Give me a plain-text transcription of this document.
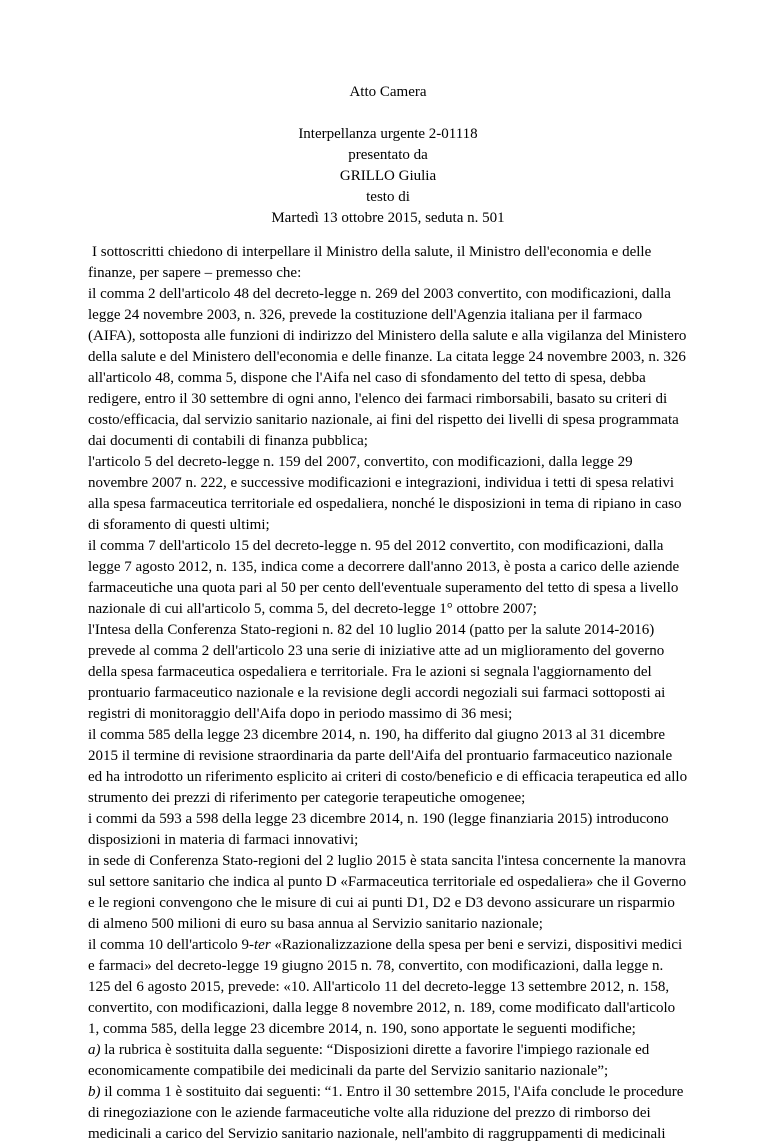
Atto Camera
Interpellanza urgente 2-01118
presentato da
GRILLO Giulia
testo di
Martedì 13 ottobre 2015, seduta n. 501
I sottoscritti chiedono di interpellare il Ministro della salute, il Ministro dell'economia e delle finanze, per sapere – premesso che:
il comma 2 dell'articolo 48 del decreto-legge n. 269 del 2003 convertito, con modificazioni, dalla legge 24 novembre 2003, n. 326, prevede la costituzione dell'Agenzia italiana per il farmaco (AIFA), sottoposta alle funzioni di indirizzo del Ministero della salute e alla vigilanza del Ministero della salute e del Ministero dell'economia e delle finanze. La citata legge 24 novembre 2003, n. 326 all'articolo 48, comma 5, dispone che l'Aifa nel caso di sfondamento del tetto di spesa, debba redigere, entro il 30 settembre di ogni anno, l'elenco dei farmaci rimborsabili, basato su criteri di costo/efficacia, dal servizio sanitario nazionale, ai fini del rispetto dei livelli di spesa programmata dai documenti di contabili di finanza pubblica;
l'articolo 5 del decreto-legge n. 159 del 2007, convertito, con modificazioni, dalla legge 29 novembre 2007 n. 222, e successive modificazioni e integrazioni, individua i tetti di spesa relativi alla spesa farmaceutica territoriale ed ospedaliera, nonché le disposizioni in tema di ripiano in caso di sforamento di questi ultimi;
il comma 7 dell'articolo 15 del decreto-legge n. 95 del 2012 convertito, con modificazioni, dalla legge 7 agosto 2012, n. 135, indica come a decorrere dall'anno 2013, è posta a carico delle aziende farmaceutiche una quota pari al 50 per cento dell'eventuale superamento del tetto di spesa a livello nazionale di cui all'articolo 5, comma 5, del decreto-legge 1° ottobre 2007;
l'Intesa della Conferenza Stato-regioni n. 82 del 10 luglio 2014 (patto per la salute 2014-2016) prevede al comma 2 dell'articolo 23 una serie di iniziative atte ad un miglioramento del governo della spesa farmaceutica ospedaliera e territoriale. Fra le azioni si segnala l'aggiornamento del prontuario farmaceutico nazionale e la revisione degli accordi negoziali sui farmaci sottoposti ai registri di monitoraggio dell'Aifa dopo in periodo massimo di 36 mesi;
il comma 585 della legge 23 dicembre 2014, n. 190, ha differito dal giugno 2013 al 31 dicembre 2015 il termine di revisione straordinaria da parte dell'Aifa del prontuario farmaceutico nazionale ed ha introdotto un riferimento esplicito ai criteri di costo/beneficio e di efficacia terapeutica ed allo strumento dei prezzi di riferimento per categorie terapeutiche omogenee;
i commi da 593 a 598 della legge 23 dicembre 2014, n. 190 (legge finanziaria 2015) introducono disposizioni in materia di farmaci innovativi;
in sede di Conferenza Stato-regioni del 2 luglio 2015 è stata sancita l'intesa concernente la manovra sul settore sanitario che indica al punto D «Farmaceutica territoriale ed ospedaliera» che il Governo e le regioni convengono che le misure di cui ai punti D1, D2 e D3 devono assicurare un risparmio di almeno 500 milioni di euro su basa annua al Servizio sanitario nazionale;
il comma 10 dell'articolo 9-ter «Razionalizzazione della spesa per beni e servizi, dispositivi medici e farmaci» del decreto-legge 19 giugno 2015 n. 78, convertito, con modificazioni, dalla legge n. 125 del 6 agosto 2015, prevede: «10. All'articolo 11 del decreto-legge 13 settembre 2012, n. 158, convertito, con modificazioni, dalla legge 8 novembre 2012, n. 189, come modificato dall'articolo 1, comma 585, della legge 23 dicembre 2014, n. 190, sono apportate le seguenti modifiche;
a) la rubrica è sostituita dalla seguente: “Disposizioni dirette a favorire l'impiego razionale ed economicamente compatibile dei medicinali da parte del Servizio sanitario nazionale”;
b) il comma 1 è sostituito dai seguenti: “1. Entro il 30 settembre 2015, l'Aifa conclude le procedure di rinegoziazione con le aziende farmaceutiche volte alla riduzione del prezzo di rimborso dei medicinali a carico del Servizio sanitario nazionale, nell'ambito di raggruppamenti di medicinali
